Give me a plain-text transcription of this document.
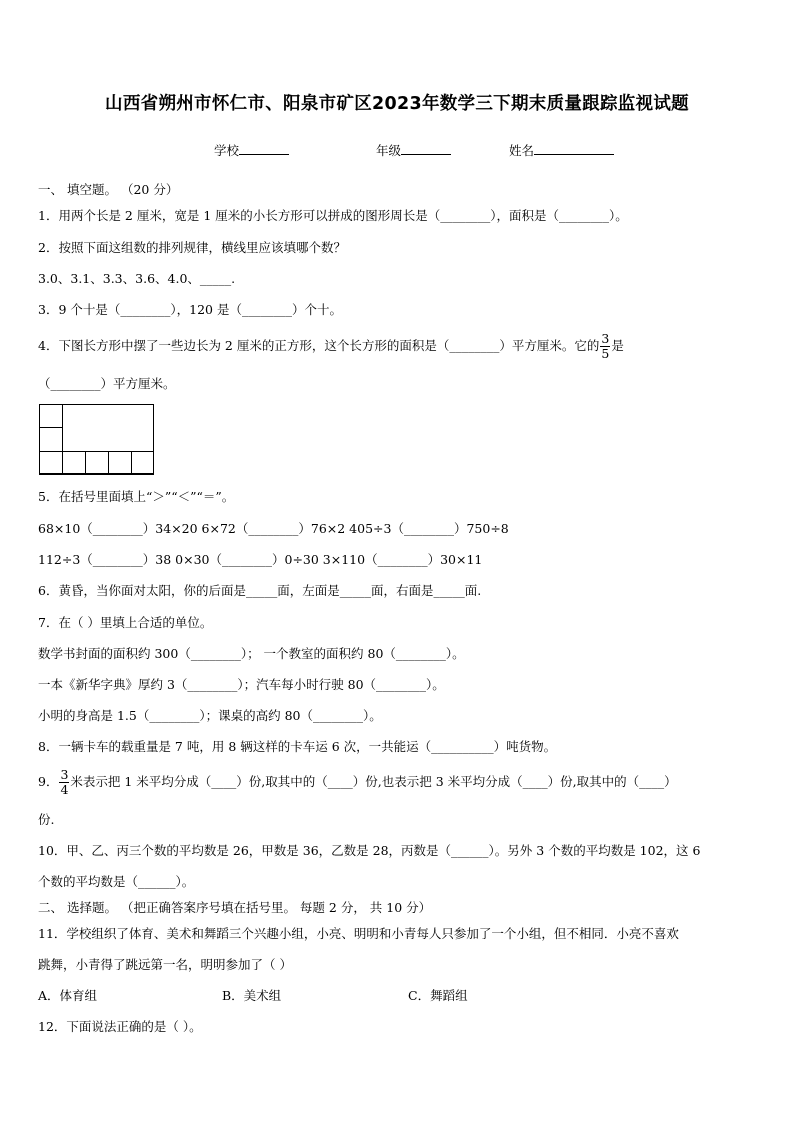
山西省朔州市怀仁市、阳泉市矿区2023年数学三下期末质量跟踪监视试题
学校	年级	姓名
一、 填空题。 （20 分）
1．用两个长是 2 厘米，宽是 1 厘米的小长方形可以拼成的图形周长是（________），面积是（________）。
2．按照下面这组数的排列规律，横线里应该填哪个数？
3.0、3.1、3.3、3.6、4.0、_____.
3．9 个十是（________），120 是（________）个十。
4．下图长方形中摆了一些边长为 2 厘米的正方形，这个长方形的面积是（________）平方厘米。它的 $\frac{3}{5}$ 是
（________）平方厘米。
5．在括号里面填上“＞”“＜”“＝”。
68×10（________）34×20 6×72（________）76×2 405÷3（________）750÷8
112÷3（________）38 0×30（________）0÷30 3×110（________）30×11
6．黄昏，当你面对太阳，你的后面是_____面，左面是_____面，右面是_____面.
7．在（ ）里填上合适的单位。
数学书封面的面积约 300（________）； 一个教室的面积约 80（________）。
一本《新华字典》厚约 3（________）；汽车每小时行驶 80（________）。
小明的身高是 1.5（________）；课桌的高约 80（________）。
8．一辆卡车的载重量是 7 吨，用 8 辆这样的卡车运 6 次，一共能运（__________）吨货物。
9． $\frac{3}{4}$ 米表示把 1 米平均分成（____）份,取其中的（____）份,也表示把 3 米平均分成（____）份,取其中的（____）
份.
10．甲、乙、丙三个数的平均数是 26，甲数是 36，乙数是 28，丙数是（______）。另外 3 个数的平均数是 102，这 6
个数的平均数是（______）。
二、 选择题。 （把正确答案序号填在括号里。 每题 2 分， 共 10 分）
11．学校组织了体育、美术和舞蹈三个兴趣小组，小亮、明明和小青每人只参加了一个小组，但不相同．小亮不喜欢
跳舞，小青得了跳远第一名，明明参加了（ ）
A．体育组	B．美术组	C．舞蹈组
12．下面说法正确的是（ ）。
